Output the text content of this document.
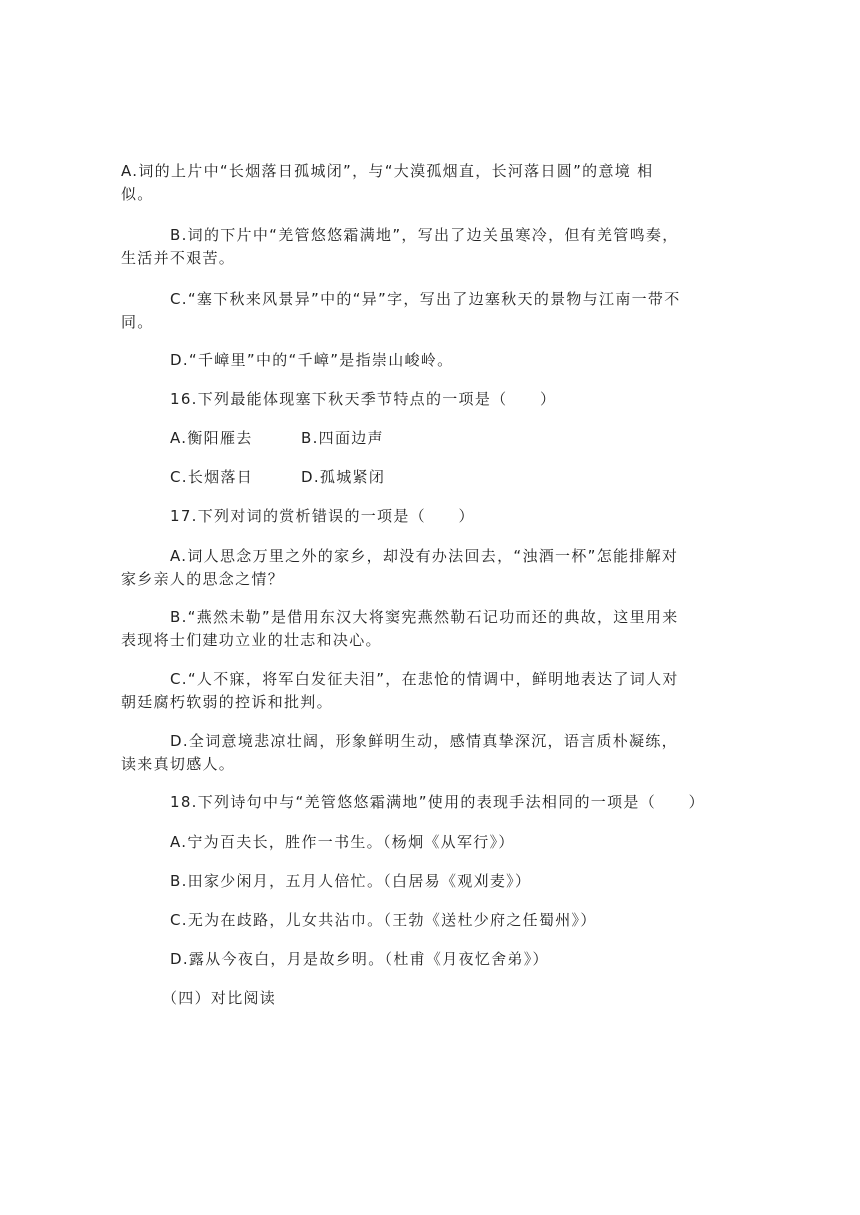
A.词的上片中“长烟落日孤城闭”，与“大漠孤烟直，长河落日圆”的意境 相
似。
B.词的下片中“羌管悠悠霜满地”，写出了边关虽寒冷，但有羌管鸣奏，
生活并不艰苦。
C.“塞下秋来风景异”中的“异”字，写出了边塞秋天的景物与江南一带不
同。
D.“千嶂里”中的“千嶂”是指崇山峻岭。
16.下列最能体现塞下秋天季节特点的一项是（　　）
A.衡阳雁去	B.四面边声
C.长烟落日	D.孤城紧闭
17.下列对词的赏析错误的一项是（　　）
A.词人思念万里之外的家乡，却没有办法回去，“浊酒一杯”怎能排解对
家乡亲人的思念之情？
B.“燕然未勒”是借用东汉大将窦宪燕然勒石记功而还的典故，这里用来
表现将士们建功立业的壮志和决心。
C.“人不寐，将军白发征夫泪”，在悲怆的情调中，鲜明地表达了词人对
朝廷腐朽软弱的控诉和批判。
D.全词意境悲凉壮阔，形象鲜明生动，感情真挚深沉，语言质朴凝练，
读来真切感人。
18.下列诗句中与“羌管悠悠霜满地”使用的表现手法相同的一项是（　　）
A.宁为百夫长，胜作一书生。（杨炯《从军行》）
B.田家少闲月，五月人倍忙。（白居易《观刈麦》）
C.无为在歧路，儿女共沾巾。（王勃《送杜少府之任蜀州》）
D.露从今夜白，月是故乡明。（杜甫《月夜忆舍弟》）
（四）对比阅读
